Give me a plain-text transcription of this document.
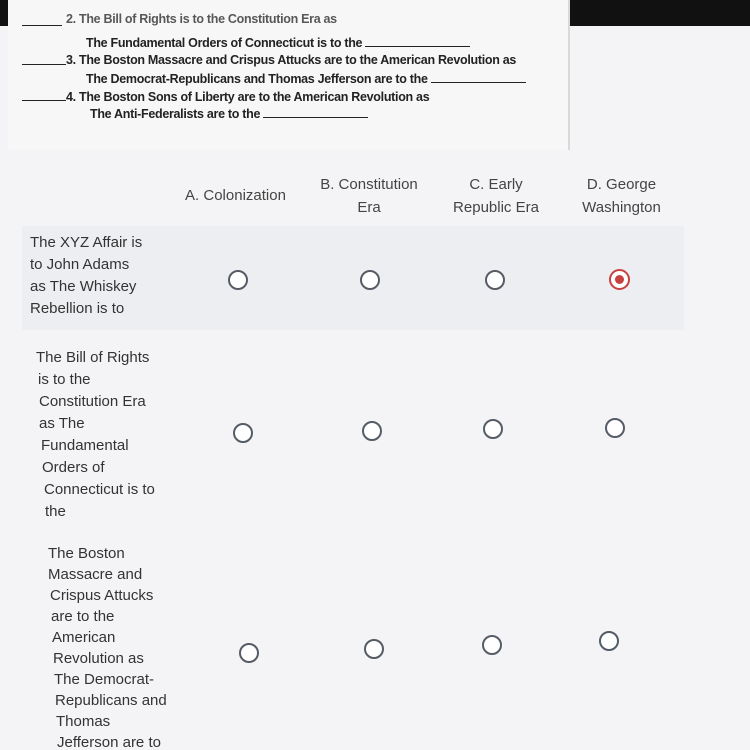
2. The Bill of Rights is to the Constitution Era as
The Fundamental Orders of Connecticut is to the
3. The Boston Massacre and Crispus Attucks are to the American Revolution as
The Democrat-Republicans and Thomas Jefferson are to the
4. The Boston Sons of Liberty are to the American Revolution as
The Anti-Federalists are to the
A. Colonization
B. Constitution
Era
C. Early
Republic Era
D. George
Washington
The XYZ Affair is
to John Adams
as The Whiskey
Rebellion is to
The Bill of Rights
is to the
Constitution Era
as The
Fundamental
Orders of
Connecticut is to
the
The Boston
Massacre and
Crispus Attucks
are to the
American
Revolution as
The Democrat-
Republicans and
Thomas
Jefferson are to
